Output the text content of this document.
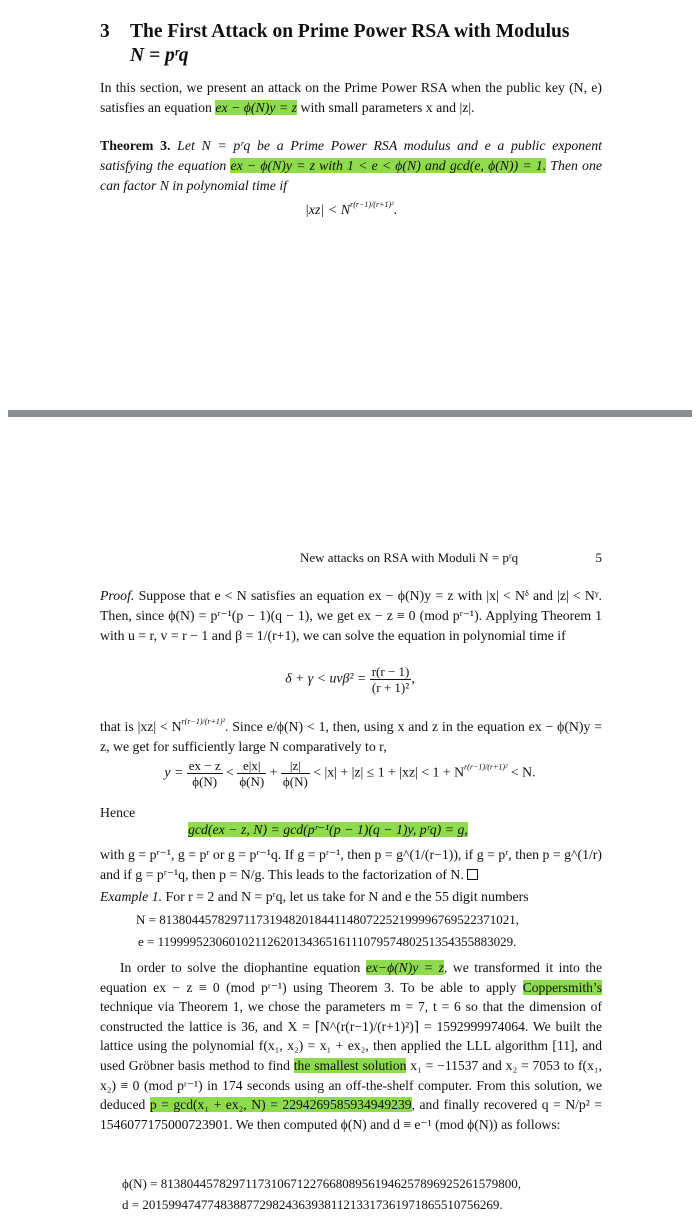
3 The First Attack on Prime Power RSA with Modulus
N = pʳq
In this section, we present an attack on the Prime Power RSA when the public key (N, e) satisfies an equation ex − ϕ(N)y = z with small parameters x and |z|.
Theorem 3. Let N = pʳq be a Prime Power RSA modulus and e a public exponent satisfying the equation ex − ϕ(N)y = z with 1 < e < ϕ(N) and gcd(e, ϕ(N)) = 1. Then one can factor N in polynomial time if
$|xz| < N^{r(r-1)/(r+1)^2}$.
New attacks on RSA with Moduli N = pʳq	5
Proof. Suppose that e < N satisfies an equation ex − ϕ(N)y = z with |x| < Nᵟ and |z| < Nᵞ. Then, since ϕ(N) = pʳ⁻¹(p − 1)(q − 1), we get ex − z ≡ 0 (mod pʳ⁻¹). Applying Theorem 1 with u = r, v = r − 1 and β = 1/(r+1), we can solve the equation in polynomial time if
$\delta + \gamma < uv\beta^2 = \frac{r(r - 1)}{\text{(r + 1)²}}$ ,
that is $|xz| < N^{r(r-1)/(r+1)^2}$. Since e/ϕ(N) < 1, then, using x and z in the equation ex − ϕ(N)y = z, we get for sufficiently large N comparatively to r,
$y = \frac{ex - z}{\phi(N)} < \frac{e|x|}{\phi(N)} + \frac{|z|}{\phi(N)} < |x| + |z| \le 1 + |xz| < 1 + N^{r(r-1)/(r+1)^2} < N$.
Hence
gcd(ex − z, N) = gcd(pʳ⁻¹(p − 1)(q − 1)y, pʳq) = g,
with g = pʳ⁻¹, g = pʳ or g = pʳ⁻¹q. If g = pʳ⁻¹, then p = g^(1/(r−1)), if g = pʳ, then p = g^(1/r) and if g = pʳ⁻¹q, then p = N/g. This leads to the factorization of N.
Example 1. For r = 2 and N = pʳq, let us take for N and e the 55 digit numbers
N = 8138044578297117319482018441148072252199996769522371021,
e = 1199995230601021126201343651611107957480251354355883029.
In order to solve the diophantine equation ex−ϕ(N)y = z, we transformed it into the equation ex − z ≡ 0 (mod pʳ⁻¹) using Theorem 3. To be able to apply Coppersmith’s technique via Theorem 1, we chose the parameters m = 7, t = 6 so that the dimension of constructed the lattice is 36, and X = ⌈N^(r(r−1)/(r+1)²)⌉ = 1592999974064. We built the lattice using the polynomial f(x₁, x₂) = x₁ + ex₂, then applied the LLL algorithm [11], and used Gröbner basis method to find the smallest solution x₁ = −11537 and x₂ = 7053 to f(x₁, x₂) ≡ 0 (mod pʳ⁻¹) in 174 seconds using an off-the-shelf computer. From this solution, we deduced p = gcd(x₁ + ex₂, N) = 2294269585934949239, and finally recovered q = N/p² = 1546077175000723901. We then computed ϕ(N) and d ≡ e⁻¹ (mod ϕ(N)) as follows:
ϕ(N) = 8138044578297117310671227668089561946257896925261579800,
d = 2015994747748388772982436393811213317361971865510756269.
